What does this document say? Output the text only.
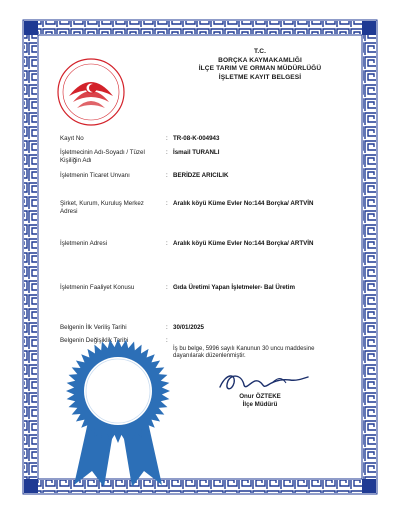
T.C.
BORÇKA KAYMAKAMLIĞI
İLÇE TARIM VE ORMAN MÜDÜRLÜĞÜ
İŞLETME KAYIT BELGESİ
Kayıt No	: TR-08-K-004943
İşletmecinin Adı-Soyadı / Tüzel Kişiliğin Adı
: İsmail TURANLI
İşletmenin Ticaret Unvanı	: BERİDZE ARICILIK
Şirket, Kurum, Kuruluş Merkez Adresi
: Aralık köyü Küme Evler No:144 Borçka/ ARTVİN
İşletmenin Adresi	: Aralık köyü Küme Evler No:144 Borçka/ ARTVİN
İşletmenin Faaliyet Konusu	: Gıda Üretimi Yapan İşletmeler- Bal Üretim
Belgenin İlk Veriliş Tarihi	: 30/01/2025
Belgenin Değişiklik Tarihi	:
İş bu belge, 5996 sayılı Kanunun 30 uncu maddesine dayanılarak düzenlenmiştir.
Onur ÖZTEKE
İlçe Müdürü
